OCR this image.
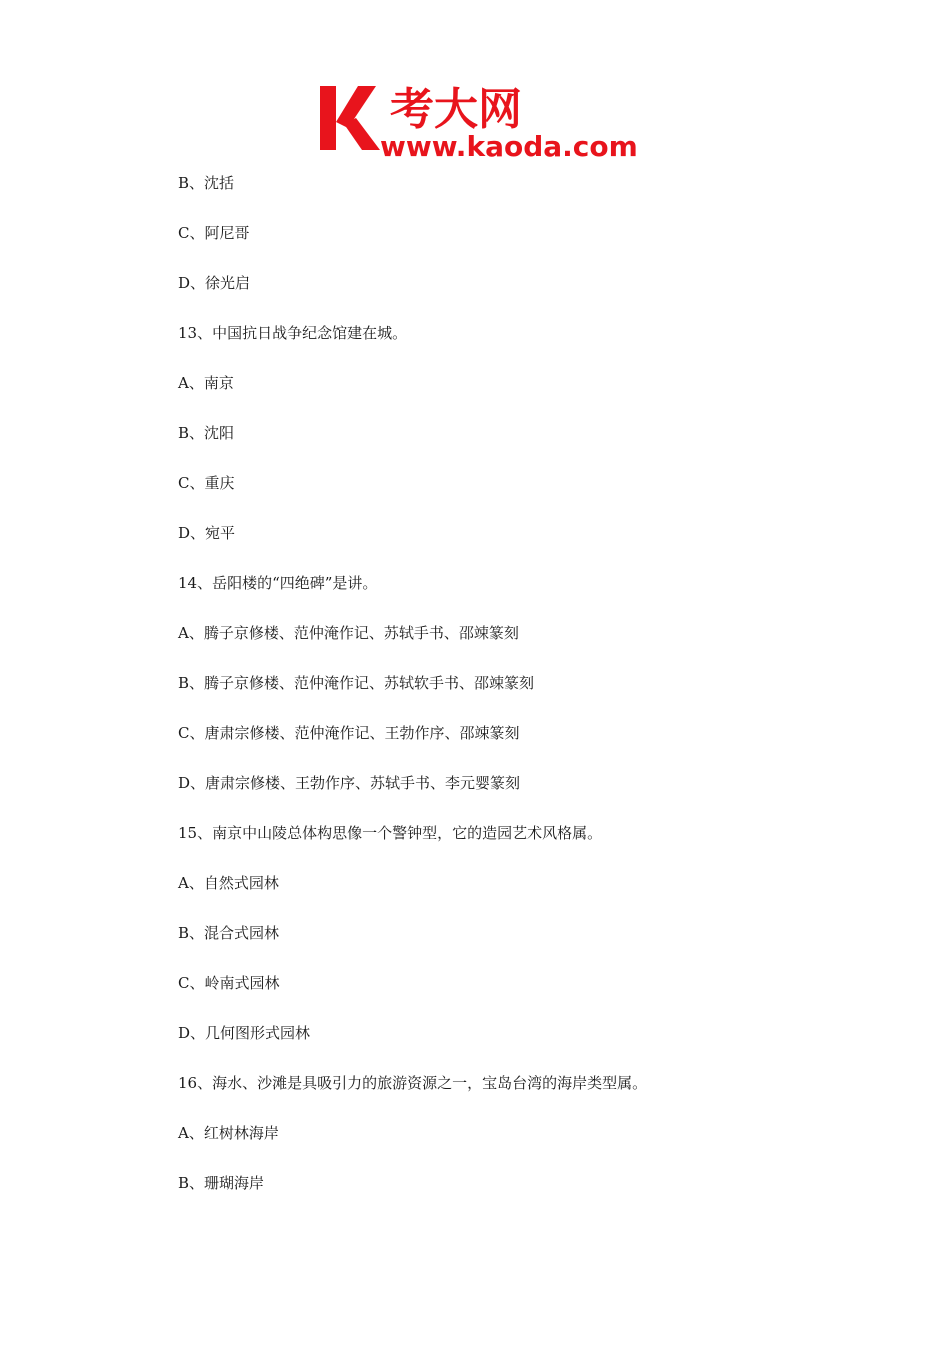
考大网
www.kaoda.com
B、沈括
C、阿尼哥
D、徐光启
13、中国抗日战争纪念馆建在城。
A、南京
B、沈阳
C、重庆
D、宛平
14、岳阳楼的“四绝碑”是讲。
A、腾子京修楼、范仲淹作记、苏轼手书、邵竦篆刻
B、腾子京修楼、范仲淹作记、苏轼软手书、邵竦篆刻
C、唐肃宗修楼、范仲淹作记、王勃作序、邵竦篆刻
D、唐肃宗修楼、王勃作序、苏轼手书、李元婴篆刻
15、南京中山陵总体构思像一个警钟型，它的造园艺术风格属。
A、自然式园林
B、混合式园林
C、岭南式园林
D、几何图形式园林
16、海水、沙滩是具吸引力的旅游资源之一，宝岛台湾的海岸类型属。
A、红树林海岸
B、珊瑚海岸
